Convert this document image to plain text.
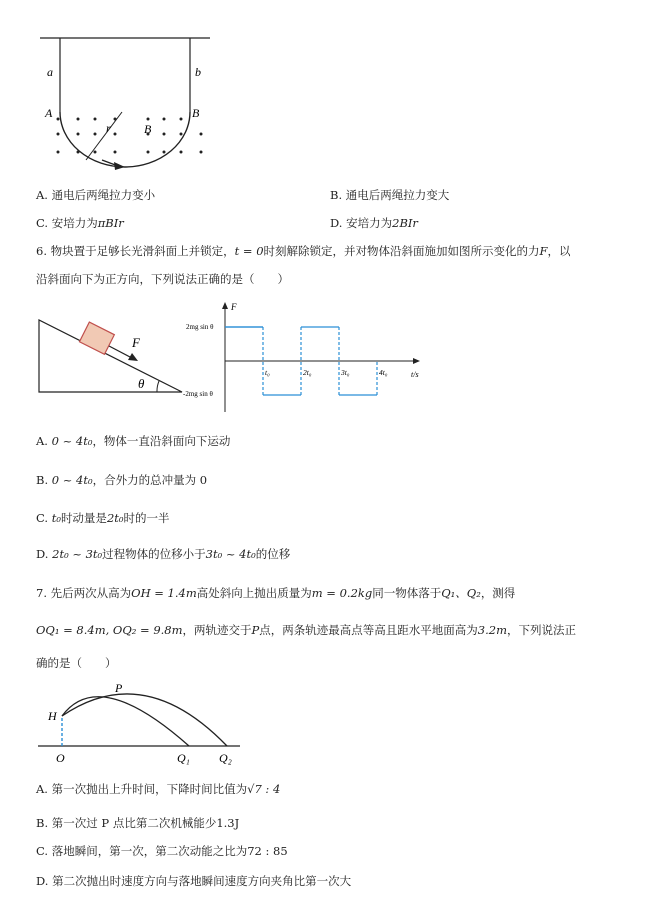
a	b
A	B
r	B
A. 通电后两绳拉力变小	B. 通电后两绳拉力变大
C. 安培力为πBIr	D. 安培力为2BIr
6. 物块置于足够长光滑斜面上并锁定，t = 0时刻解除锁定，并对物体沿斜面施加如图所示变化的力F，以
沿斜面向下为正方向，下列说法正确的是（　　）
F
θ
F
t/s
2mg sin θ
-2mg sin θ
t₀	2t₀	3t₀	4t₀
A. 0 ~ 4t₀，物体一直沿斜面向下运动
B. 0 ~ 4t₀，合外力的总冲量为 0
C. t₀时动量是2t₀时的一半
D. 2t₀ ~ 3t₀过程物体的位移小于3t₀ ~ 4t₀的位移
7. 先后两次从高为OH = 1.4m高处斜向上抛出质量为m = 0.2kg同一物体落于Q₁、Q₂，测得
OQ₁ = 8.4m, OQ₂ = 9.8m，两轨迹交于P点，两条轨迹最高点等高且距水平地面高为3.2m，下列说法正
确的是（　　）
H
P
O	Q₁ Q₂
A. 第一次抛出上升时间，下降时间比值为√7 : 4
B. 第一次过 P 点比第二次机械能少1.3J
C. 落地瞬间，第一次，第二次动能之比为72 : 85
D. 第二次抛出时速度方向与落地瞬间速度方向夹角比第一次大
